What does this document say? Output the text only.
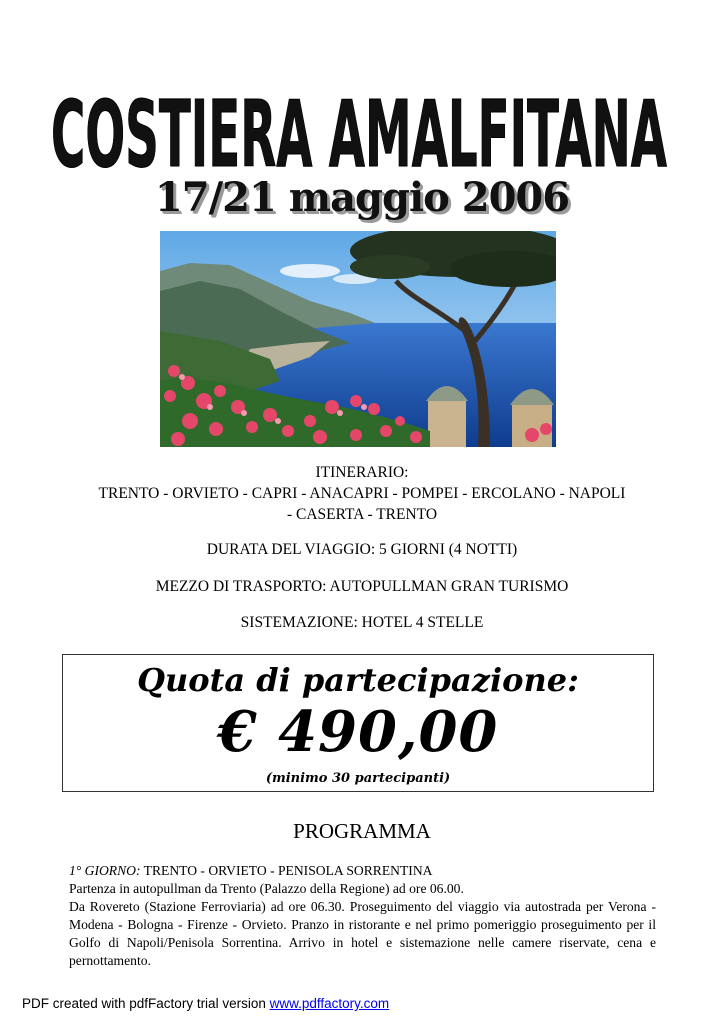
COSTIERA AMALFITANA
17/21 maggio 2006
ITINERARIO:
TRENTO - ORVIETO - CAPRI - ANACAPRI - POMPEI - ERCOLANO - NAPOLI
- CASERTA - TRENTO
DURATA DEL VIAGGIO: 5 GIORNI (4 NOTTI)
MEZZO DI TRASPORTO: AUTOPULLMAN GRAN TURISMO
SISTEMAZIONE: HOTEL 4 STELLE
Quota di partecipazione:
€ 490,00
(minimo 30 partecipanti)
PROGRAMMA

1° GIORNO: TRENTO - ORVIETO - PENISOLA SORRENTINA

Partenza in autopullman da Trento (Palazzo della Regione) ad ore 06.00.

Da Rovereto (Stazione Ferroviaria) ad ore 06.30. Proseguimento del viaggio via autostrada per Verona - Modena - Bologna - Firenze - Orvieto. Pranzo in ristorante e nel primo pomeriggio proseguimento per il Golfo di Napoli/Penisola Sorrentina. Arrivo in hotel e sistemazione nelle camere riservate, cena e pernottamento.

PDF created with pdfFactory trial version www.pdffactory.com
